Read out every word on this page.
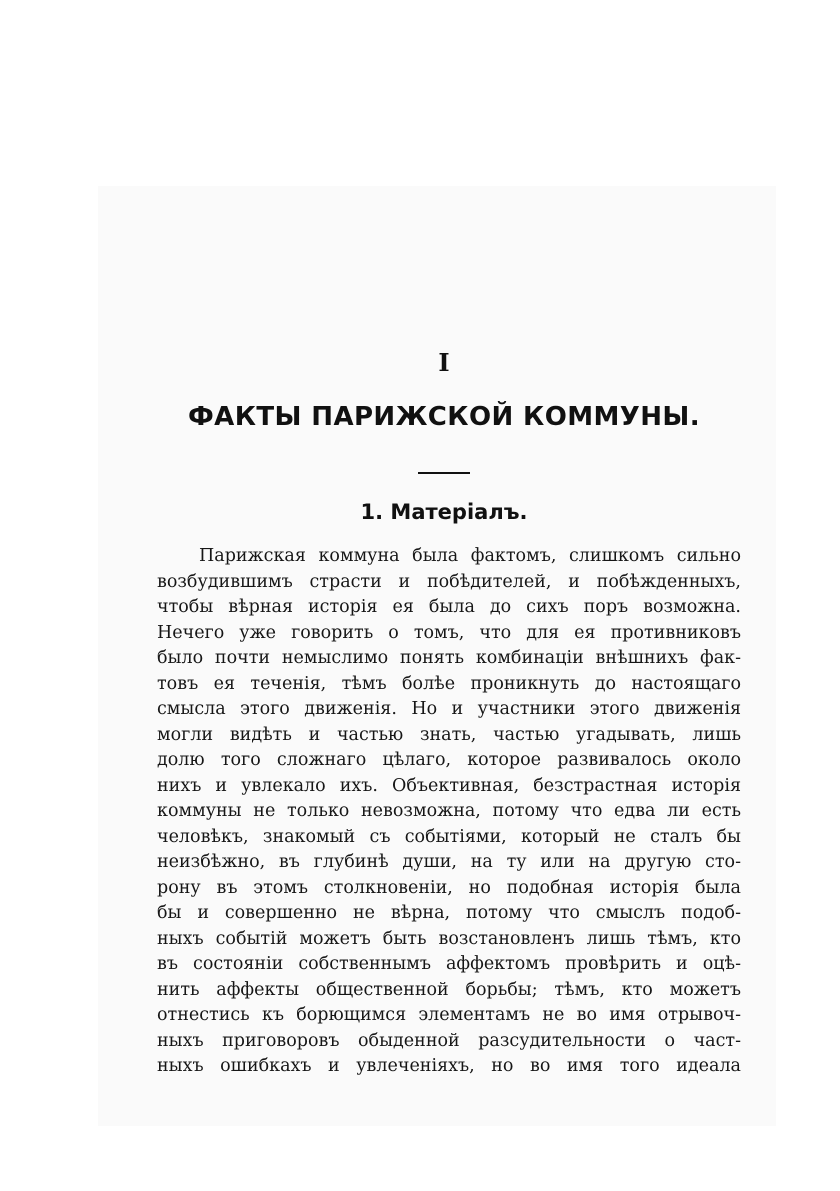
I
ФАКТЫ ПАРИЖСКОЙ КОММУНЫ.
1. Матеріалъ.
Парижская коммуна была фактомъ, слишкомъ сильно
возбудившимъ страсти и побѣдителей, и побѣжденныхъ,
чтобы вѣрная исторія ея была до сихъ поръ возможна.
Нечего уже говорить о томъ, что для ея противниковъ
было почти немыслимо понять комбинаціи внѣшнихъ фак-
товъ ея теченія, тѣмъ болѣе проникнуть до настоящаго
смысла этого движенія. Но и участники этого движенія
могли видѣть и частью знать, частью угадывать, лишь
долю того сложнаго цѣлаго, которое развивалось около
нихъ и увлекало ихъ. Объективная, безстрастная исторія
коммуны не только невозможна, потому что едва ли есть
человѣкъ, знакомый съ событіями, который не сталъ бы
неизбѣжно, въ глубинѣ души, на ту или на другую сто-
рону въ этомъ столкновеніи, но подобная исторія была
бы и совершенно не вѣрна, потому что смыслъ подоб-
ныхъ событій можетъ быть возстановленъ лишь тѣмъ, кто
въ состояніи собственнымъ аффектомъ провѣрить и оцѣ-
нить аффекты общественной борьбы; тѣмъ, кто можетъ
отнестись къ борющимся элементамъ не во имя отрывоч-
ныхъ приговоровъ обыденной разсудительности о част-
ныхъ ошибкахъ и увлеченіяхъ, но во имя того идеала
